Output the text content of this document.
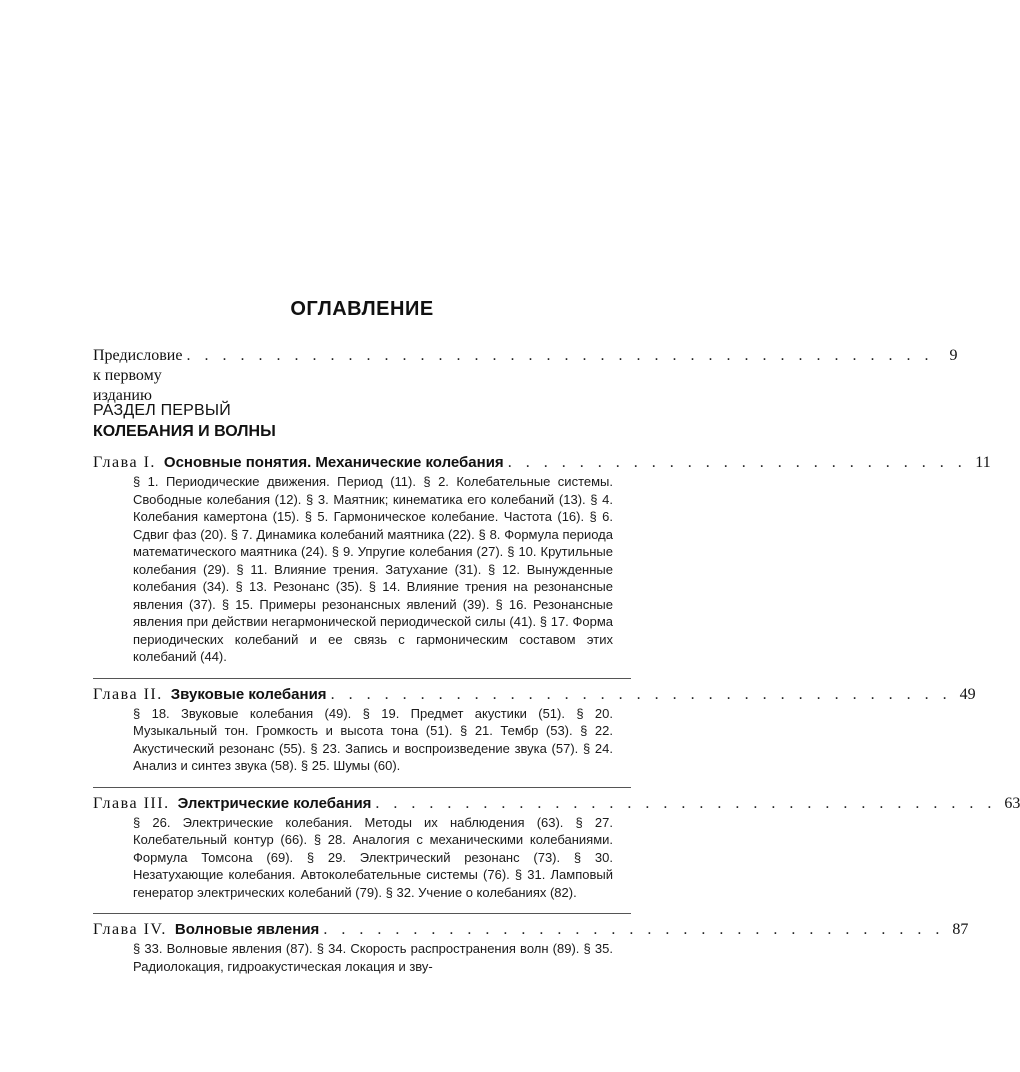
ОГЛАВЛЕНИЕ
Предисловие к первому изданию
. . . . . . . . . . . . . . . . . . . . . . . . . . . . . . . . . . . . . . . . . .	9
РАЗДЕЛ ПЕРВЫЙ
КОЛЕБАНИЯ И ВОЛНЫ
Глава I. Основные понятия. Механические колебания . . . . . . . . . . . . . . . . . . . . . . . . . . 11
§ 1. Периодические движения. Период (11). § 2. Колебательные системы. Свободные колебания (12). § 3. Маятник; кинематика его колебаний (13). § 4. Колебания камертона (15). § 5. Гармоническое колебание. Частота (16). § 6. Сдвиг фаз (20). § 7. Динамика колебаний маятника (22). § 8. Формула периода математического маятника (24). § 9. Упругие колебания (27). § 10. Крутильные колебания (29). § 11. Влияние трения. Затухание (31). § 12. Вынужденные колебания (34). § 13. Резонанс (35). § 14. Влияние трения на резонансные явления (37). § 15. Примеры резонансных явлений (39). § 16. Резонансные явления при действии негармонической периодической силы (41). § 17. Форма периодических колебаний и ее связь с гармоническим составом этих колебаний (44).
Глава II. Звуковые колебания . . . . . . . . . . . . . . . . . . . . . . . . . . . . . . . . . . . 49
§ 18. Звуковые колебания (49). § 19. Предмет акустики (51). § 20. Музыкальный тон. Громкость и высота тона (51). § 21. Тембр (53). § 22. Акустический резонанс (55). § 23. Запись и воспроизведение звука (57). § 24. Анализ и синтез звука (58). § 25. Шумы (60).
Глава III. Электрические колебания . . . . . . . . . . . . . . . . . . . . . . . . . . . . . . . . . . . 63
§ 26. Электрические колебания. Методы их наблюдения (63). § 27. Колебательный контур (66). § 28. Аналогия с механическими колебаниями. Формула Томсона (69). § 29. Электрический резонанс (73). § 30. Незатухающие колебания. Автоколебательные системы (76). § 31. Ламповый генератор электрических колебаний (79). § 32. Учение о колебаниях (82).
Глава IV. Волновые явления . . . . . . . . . . . . . . . . . . . . . . . . . . . . . . . . . . . 87
§ 33. Волновые явления (87). § 34. Скорость распространения волн (89). § 35. Радиолокация, гидроакустическая локация и зву-
